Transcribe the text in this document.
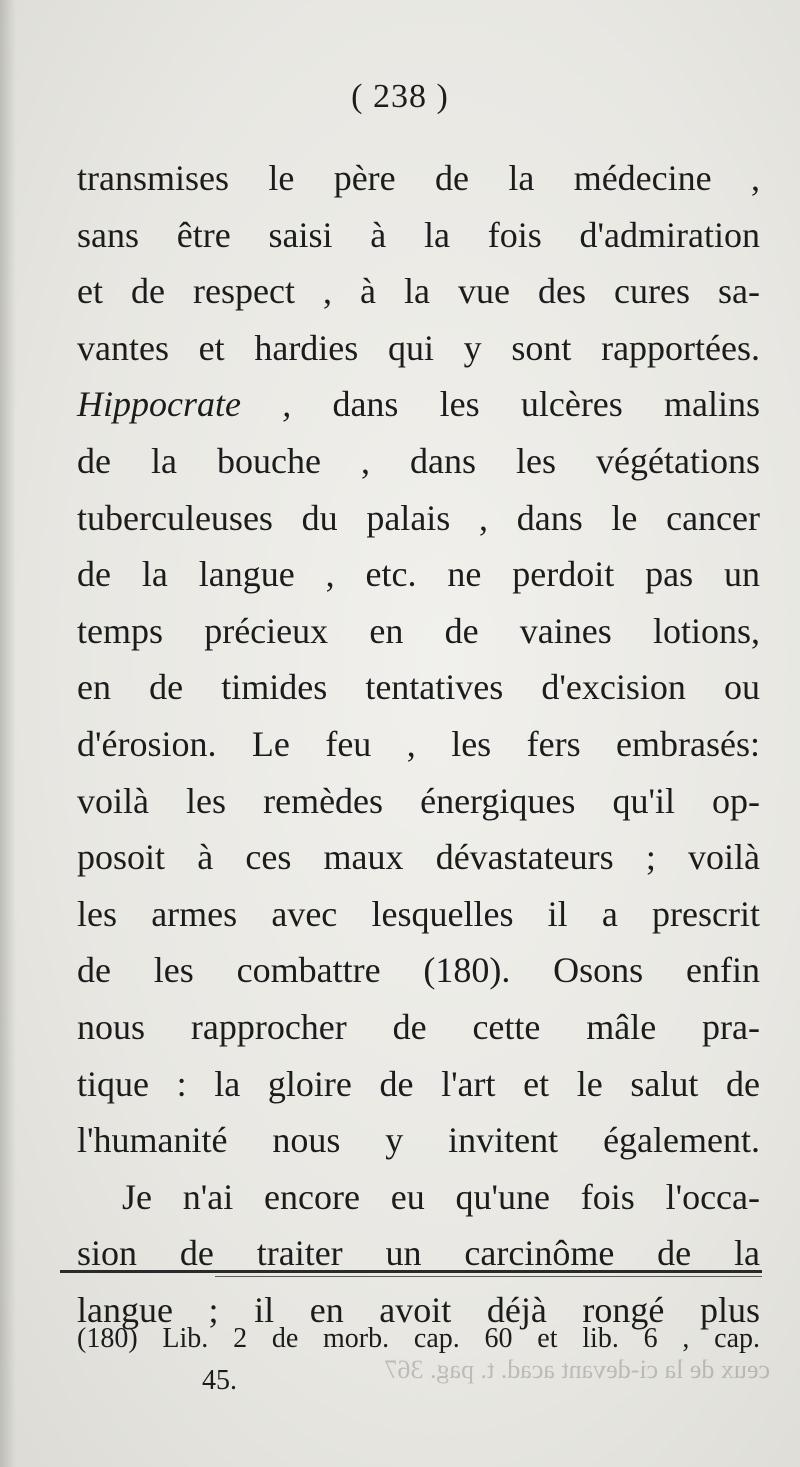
( 238 )
transmises le père de la médecine ,
sans être saisi à la fois d'admiration
et de respect , à la vue des cures sa-
vantes et hardies qui y sont rapportées.
Hippocrate , dans les ulcères malins
de la bouche , dans les végétations
tuberculeuses du palais , dans le cancer
de la langue , etc. ne perdoit pas un
temps précieux en de vaines lotions,
en de timides tentatives d'excision ou
d'érosion. Le feu , les fers embrasés:
voilà les remèdes énergiques qu'il op-
posoit à ces maux dévastateurs ; voilà
les armes avec lesquelles il a prescrit
de les combattre (180). Osons enfin
nous rapprocher de cette mâle pra-
tique : la gloire de l'art et le salut de
l'humanité nous y invitent également.
Je n'ai encore eu qu'une fois l'occa-
sion de traiter un carcinôme de la
langue ; il en avoit déjà rongé plus
(180) Lib. 2 de morb. cap. 60 et lib. 6 , cap.
45.	ceux de la ci-devant acad. t. pag. 367
